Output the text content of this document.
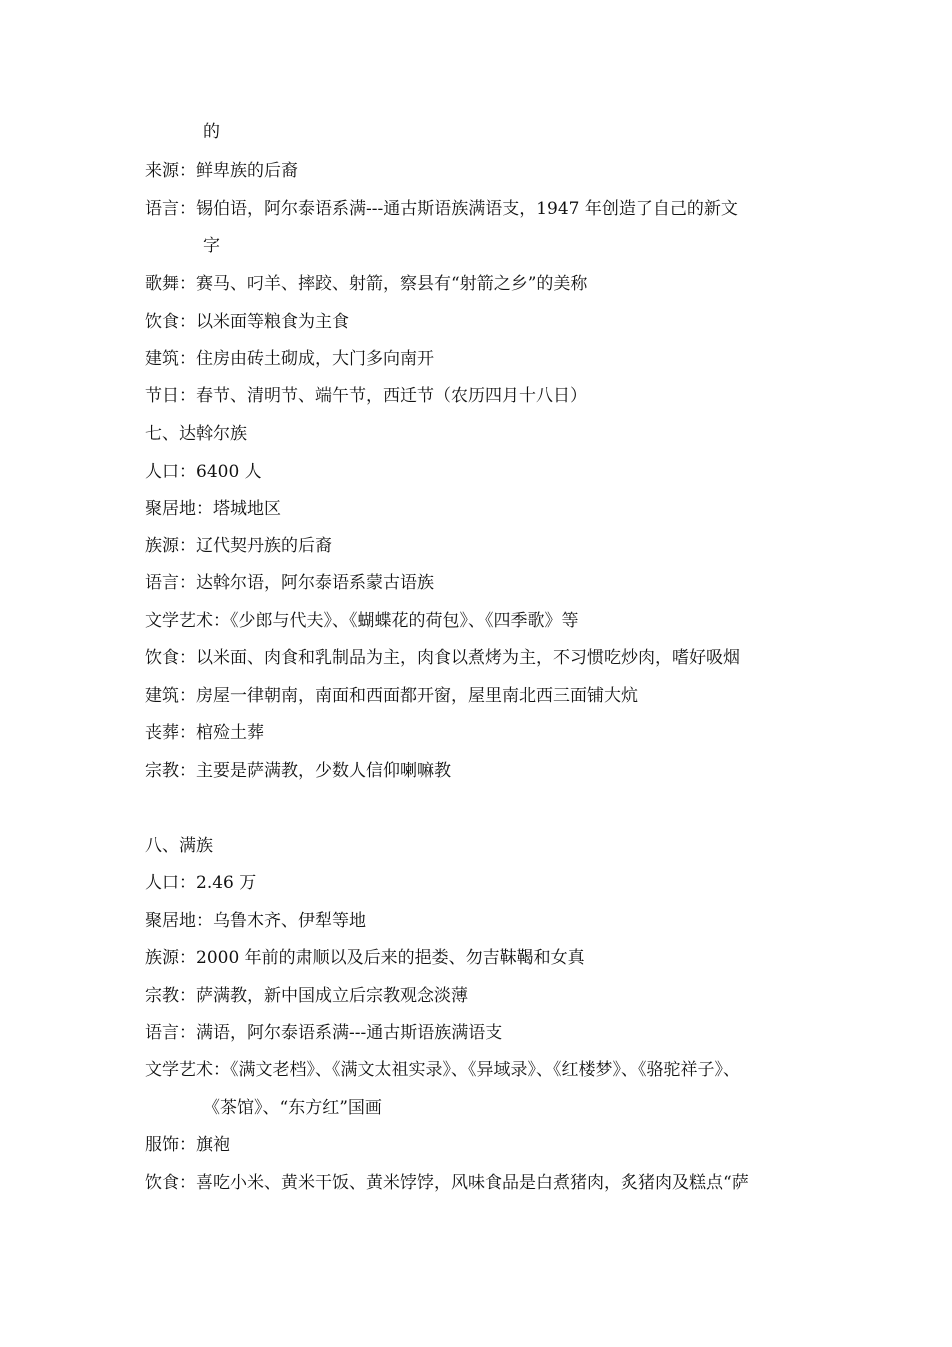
的
来源：鲜卑族的后裔
语言：锡伯语，阿尔泰语系满---通古斯语族满语支，1947 年创造了自己的新文
字
歌舞：赛马、叼羊、摔跤、射箭，察县有“射箭之乡”的美称
饮食：以米面等粮食为主食
建筑：住房由砖土砌成，大门多向南开
节日：春节、清明节、端午节，西迁节（农历四月十八日）
七、达斡尔族
人口：6400 人
聚居地：塔城地区
族源：辽代契丹族的后裔
语言：达斡尔语，阿尔泰语系蒙古语族
文学艺术：《少郎与代夫》、《蝴蝶花的荷包》、《四季歌》等
饮食：以米面、肉食和乳制品为主，肉食以煮烤为主，不习惯吃炒肉，嗜好吸烟
建筑：房屋一律朝南，南面和西面都开窗，屋里南北西三面铺大炕
丧葬：棺殓土葬
宗教：主要是萨满教，少数人信仰喇嘛教
八、满族
人口：2.46 万
聚居地：乌鲁木齐、伊犁等地
族源：2000 年前的肃顺以及后来的挹娄、勿吉靺鞨和女真
宗教：萨满教，新中国成立后宗教观念淡薄
语言：满语，阿尔泰语系满---通古斯语族满语支
文学艺术：《满文老档》、《满文太祖实录》、《异域录》、《红楼梦》、《骆驼祥子》、
《茶馆》、“东方红”国画
服饰：旗袍
饮食：喜吃小米、黄米干饭、黄米饽饽，风味食品是白煮猪肉，炙猪肉及糕点“萨
